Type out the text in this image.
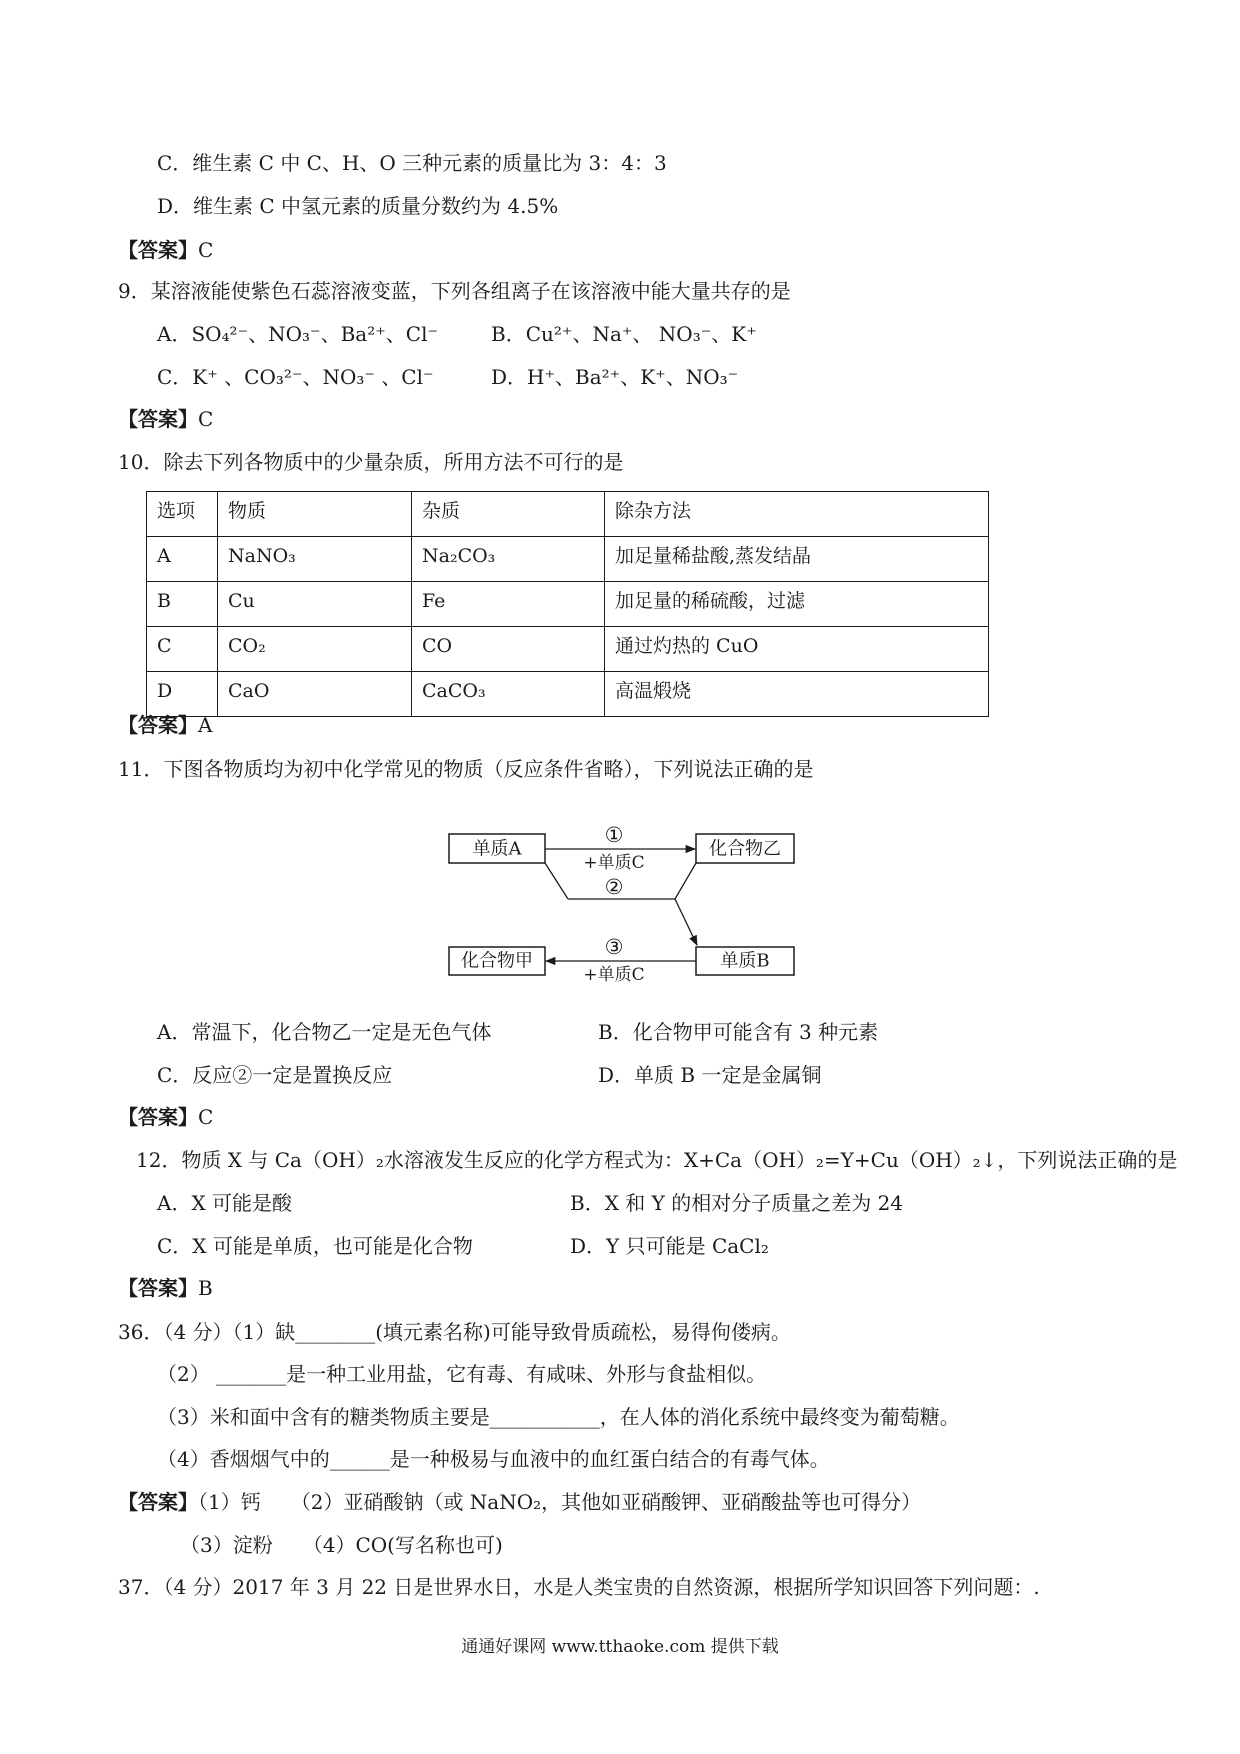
C．维生素 C 中 C、H、O 三种元素的质量比为 3：4：3
D．维生素 C 中氢元素的质量分数约为 4.5%
【答案】C
9．某溶液能使紫色石蕊溶液变蓝，下列各组离子在该溶液中能大量共存的是
A．SO₄²⁻、NO₃⁻、Ba²⁺、Cl⁻	B．Cu²⁺、Na⁺、 NO₃⁻、K⁺
C．K⁺ 、CO₃²⁻、NO₃⁻ 、Cl⁻	D．H⁺、Ba²⁺、K⁺、NO₃⁻
【答案】C
10．除去下列各物质中的少量杂质，所用方法不可行的是
选项	物质	杂质	除杂方法
A	NaNO₃	Na₂CO₃	加足量稀盐酸,蒸发结晶
B	Cu	Fe	加足量的稀硫酸，过滤
C	CO₂	CO	通过灼热的 CuO
D	CaO	CaCO₃	高温煅烧
【答案】A
11．下图各物质均为初中化学常见的物质（反应条件省略），下列说法正确的是
单质A	化合物乙
化合物甲	单质B
①
+单质C
②
③
+单质C
A．常温下，化合物乙一定是无色气体	B．化合物甲可能含有 3 种元素
C．反应②一定是置换反应	D．单质 B 一定是金属铜
【答案】C
12．物质 X 与 Ca（OH）₂水溶液发生反应的化学方程式为：X+Ca（OH）₂=Y+Cu（OH）₂↓，下列说法正确的是
A．X 可能是酸	B．X 和 Y 的相对分子质量之差为 24
C．X 可能是单质，也可能是化合物	D．Y 只可能是 CaCl₂
【答案】B
36．（4 分）（1）缺________(填元素名称)可能导致骨质疏松，易得佝偻病。
（2） _______是一种工业用盐，它有毒、有咸味、外形与食盐相似。
（3）米和面中含有的糖类物质主要是___________，在人体的消化系统中最终变为葡萄糖。
（4）香烟烟气中的______是一种极易与血液中的血红蛋白结合的有毒气体。
【答案】（1）钙　　（2）亚硝酸钠（或 NaNO₂，其他如亚硝酸钾、亚硝酸盐等也可得分）
（3）淀粉　　（4）CO(写名称也可)
37．（4 分）2017 年 3 月 22 日是世界水日，水是人类宝贵的自然资源，根据所学知识回答下列问题：.
通通好课网 www.tthaoke.com 提供下载
